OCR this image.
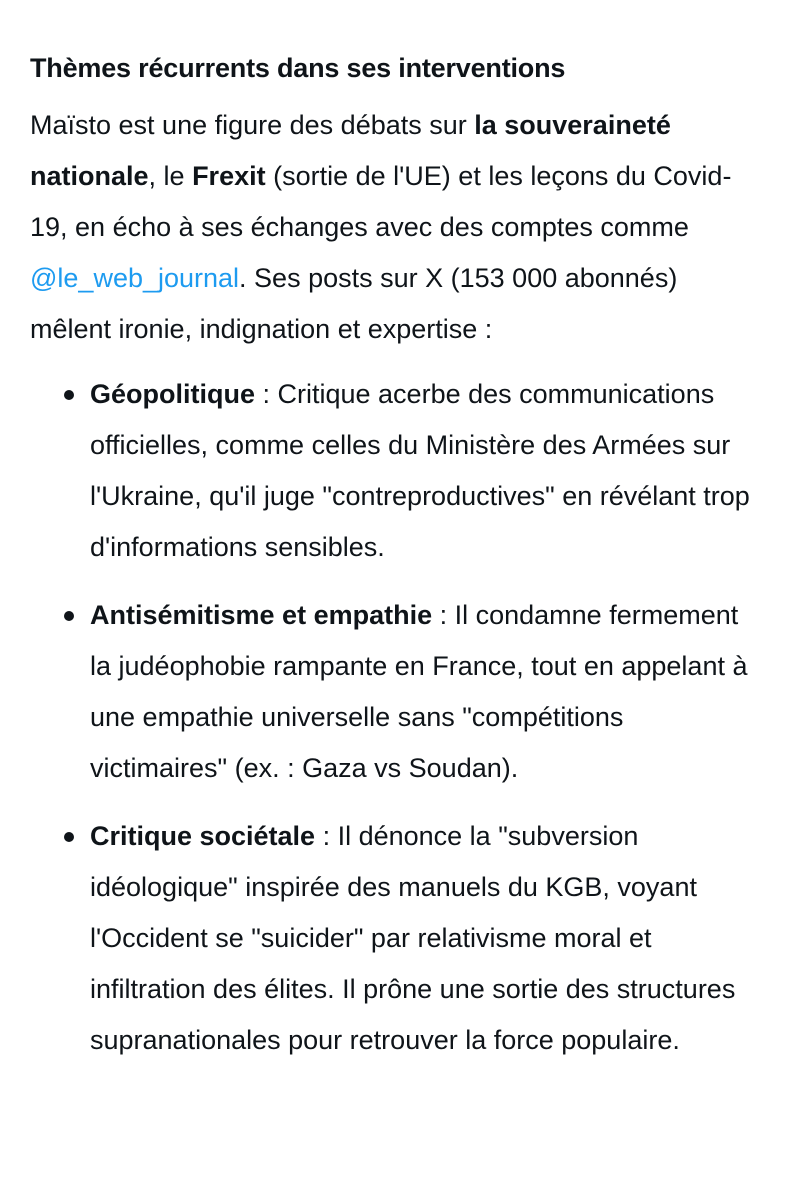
Thèmes récurrents dans ses interventions

Maïsto est une figure des débats sur la souveraineté nationale, le Frexit (sortie de l'UE) et les leçons du Covid-19, en écho à ses échanges avec des comptes comme @le_web_journal. Ses posts sur X (153 000 abonnés) mêlent ironie, indignation et expertise :

Géopolitique : Critique acerbe des communications officielles, comme celles du Ministère des Armées sur l'Ukraine, qu'il juge "contreproductives" en révélant trop d'informations sensibles.
Antisémitisme et empathie : Il condamne fermement la judéophobie rampante en France, tout en appelant à une empathie universelle sans "compétitions victimaires" (ex. : Gaza vs Soudan).
Critique sociétale : Il dénonce la "subversion idéologique" inspirée des manuels du KGB, voyant l'Occident se "suicider" par relativisme moral et infiltration des élites. Il prône une sortie des structures supranationales pour retrouver la force populaire.
